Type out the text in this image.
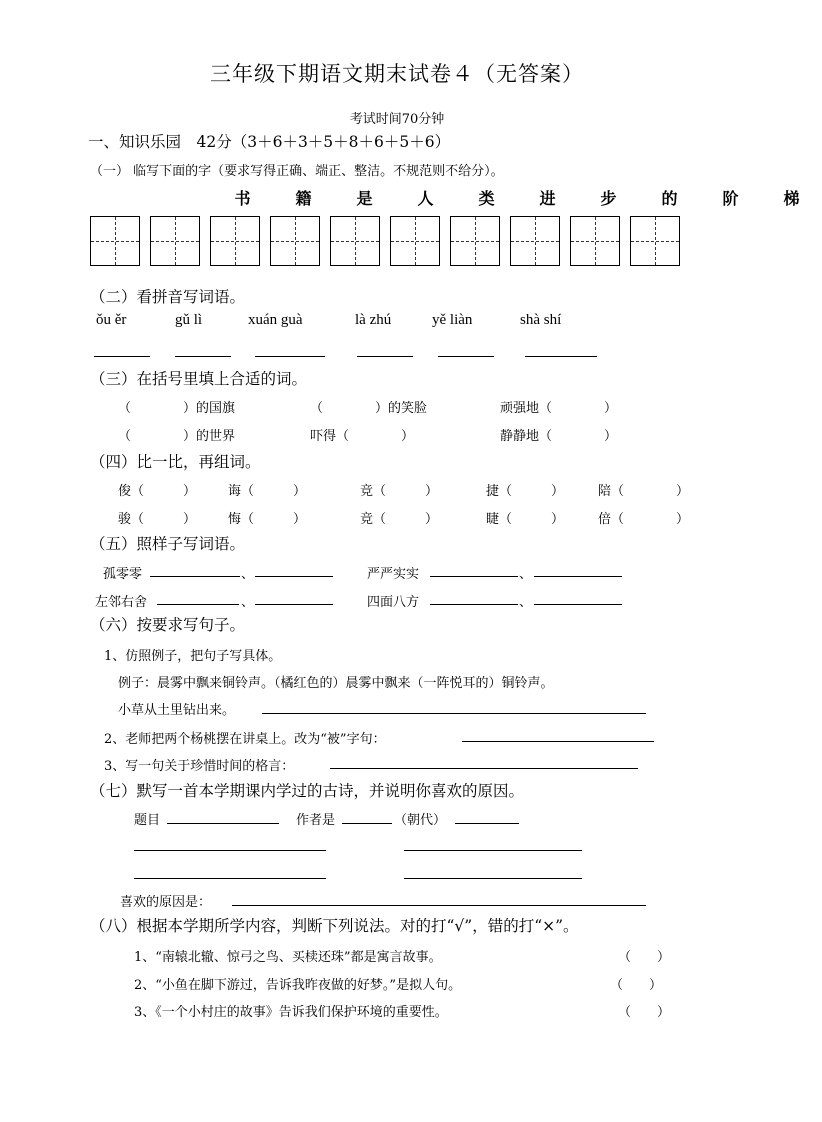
三年级下期语文期末试卷４（无答案）
考试时间70分钟
一、知识乐园　42分（3＋6＋3＋5＋8＋6＋5＋6）
（一） 临写下面的字（要求写得正确、端正、整洁。不规范则不给分）。
书	籍	是	人	类	进	步	的	阶	梯
（二）看拼音写词语。
ǒu ěr	gǔ lì	xuán guà	là zhú	yě liàn	shà shí
（三）在括号里填上合适的词。
（　　　　）的国旗	（　　　　）的笑脸	顽强地（　　　　）
（　　　　）的世界	吓得（　　　　）	静静地（　　　　）
（四）比一比，再组词。
俊（　　　） 诲（　　　）	竞（　　　）	捷（　　　）	陪（　　　　）
骏（　　　） 悔（　　　）	竞（　　　）	睫（　　　）	倍（　　　　）
（五）照样子写词语。
孤零零	、	严严实实	、
左邻右舍	、	四面八方	、
（六）按要求写句子。
1、仿照例子，把句子写具体。
例子：晨雾中飘来铜铃声。（橘红色的）晨雾中飘来（一阵悦耳的）铜铃声。
小草从土里钻出来。
2、老师把两个杨桃摆在讲桌上。改为“被”字句：
3、写一句关于珍惜时间的格言：
（七）默写一首本学期课内学过的古诗，并说明你喜欢的原因。
题目	作者是	（朝代）
喜欢的原因是：
（八）根据本学期所学内容，判断下列说法。对的打“√”，错的打“×”。
1、“南辕北辙、惊弓之鸟、买椟还珠”都是寓言故事。	（　　）
2、“小鱼在脚下游过，告诉我昨夜做的好梦。”是拟人句。	（　　）
3、《一个小村庄的故事》告诉我们保护环境的重要性。	（　　）
